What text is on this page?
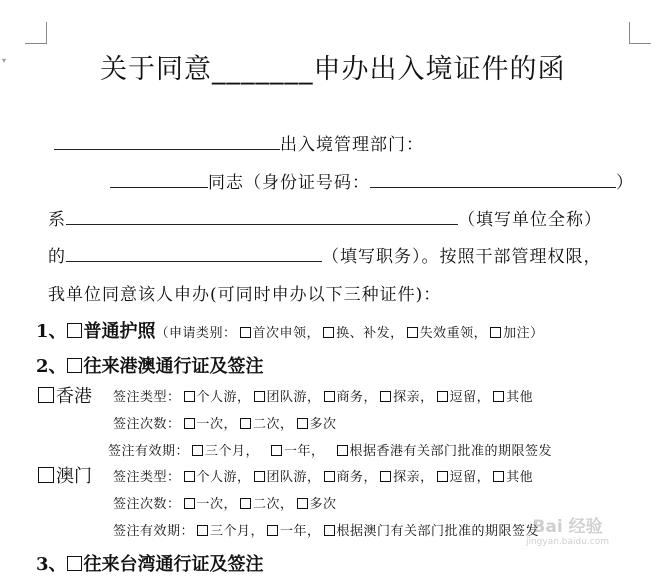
▾	关于同意_______申办出入境证件的函
出入境管理部门：
同志（身份证号码：	）
系	（填写单位全称）
的	（填写职务）。按照干部管理权限，
我单位同意该人申办(可同时申办以下三种证件)：
1、 普通护照（申请类别： 首次申领， 换、补发， 失效重领， 加注）
2、 往来港澳通行证及签注
香港 签注类型： 个人游， 团队游， 商务， 探亲， 逗留， 其他
签注次数： 一次， 二次， 多次
签注有效期： 三个月， 一年， 根据香港有关部门批准的期限签发
澳门 签注类型： 个人游， 团队游， 商务， 探亲， 逗留， 其他
签注次数： 一次， 二次， 多次
签注有效期： 三个月， 一年， 根据澳门有关部门批准的期限签发
3、 往来台湾通行证及签注
Bai 经验
jingyan.baidu.com
